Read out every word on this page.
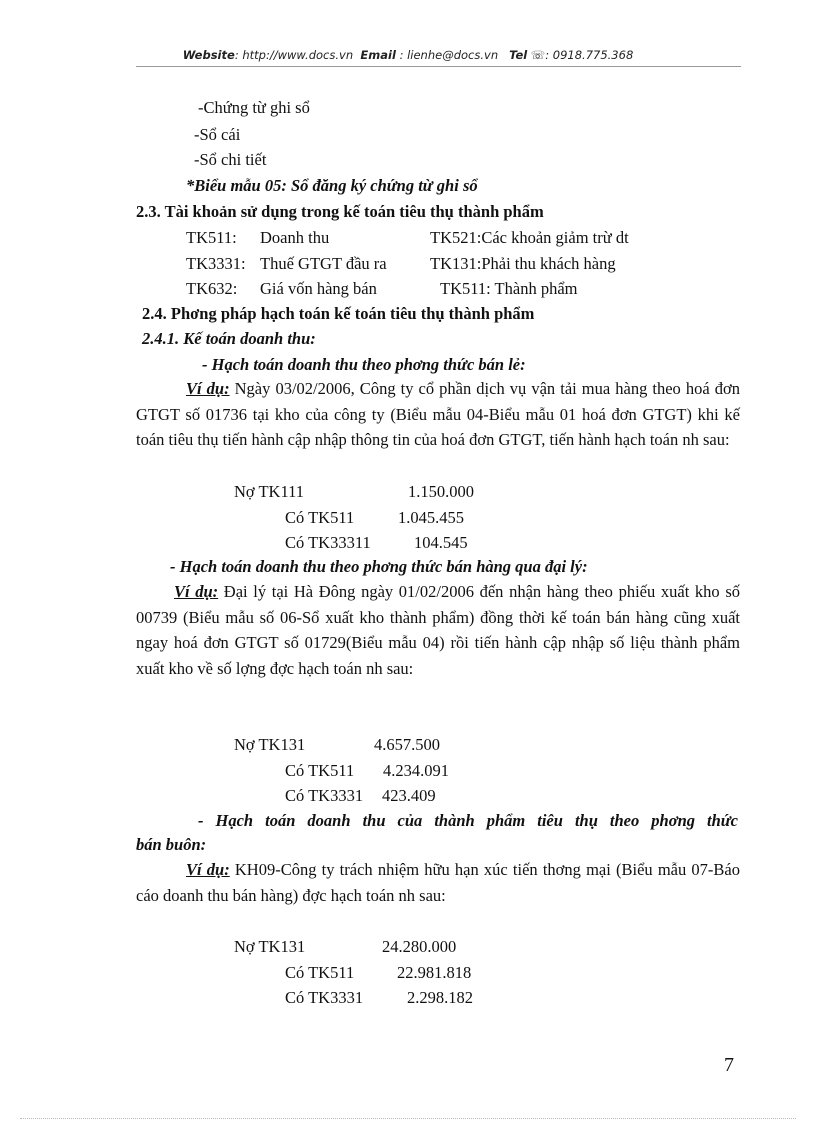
Website: http://www.docs.vn Email : lienhe@docs.vn Tel ☏: 0918.775.368
-Chứng từ ghi sổ
-Sổ cái
-Sổ chi tiết
*Biểu mẫu 05: Sổ đăng ký chứng từ ghi sổ
2.3. Tài khoản sử dụng trong kế toán tiêu thụ thành phẩm
TK511: Doanh thu	TK521:Các khoản giảm trừ dt
TK3331: Thuế GTGT đầu ra	TK131:Phải thu khách hàng
TK632: Giá vốn hàng bán	TK511: Thành phẩm
2.4. Phơng pháp hạch toán kế toán tiêu thụ thành phẩm
2.4.1. Kế toán doanh thu:
- Hạch toán doanh thu theo phơng thức bán lẻ:
Ví dụ: Ngày 03/02/2006, Công ty cổ phần dịch vụ vận tải mua hàng theo hoá đơn GTGT số 01736 tại kho của công ty (Biểu mẫu 04-Biểu mẫu 01 hoá đơn GTGT) khi kế toán tiêu thụ tiến hành cập nhập thông tin của hoá đơn GTGT, tiến hành hạch toán nh sau:
Nợ TK111	1.150.000
Có TK511	1.045.455
Có TK33311	104.545
- Hạch toán doanh thu theo phơng thức bán hàng qua đại lý:
Ví dụ: Đại lý tại Hà Đông ngày 01/02/2006 đến nhận hàng theo phiếu xuất kho số 00739 (Biểu mẫu số 06-Sổ xuất kho thành phẩm) đồng thời kế toán bán hàng cũng xuất ngay hoá đơn GTGT số 01729(Biểu mẫu 04) rồi tiến hành cập nhập số liệu thành phẩm xuất kho về số lợng đợc hạch toán nh sau:
Nợ TK131	4.657.500
Có TK511 4.234.091
Có TK3331 423.409
- Hạch toán doanh thu của thành phẩm tiêu thụ theo phơng thức
bán buôn:
Ví dụ: KH09-Công ty trách nhiệm hữu hạn xúc tiến thơng mại (Biểu mẫu 07-Báo cáo doanh thu bán hàng) đợc hạch toán nh sau:
Nợ TK131	24.280.000
Có TK511	22.981.818
Có TK3331	2.298.182
7
